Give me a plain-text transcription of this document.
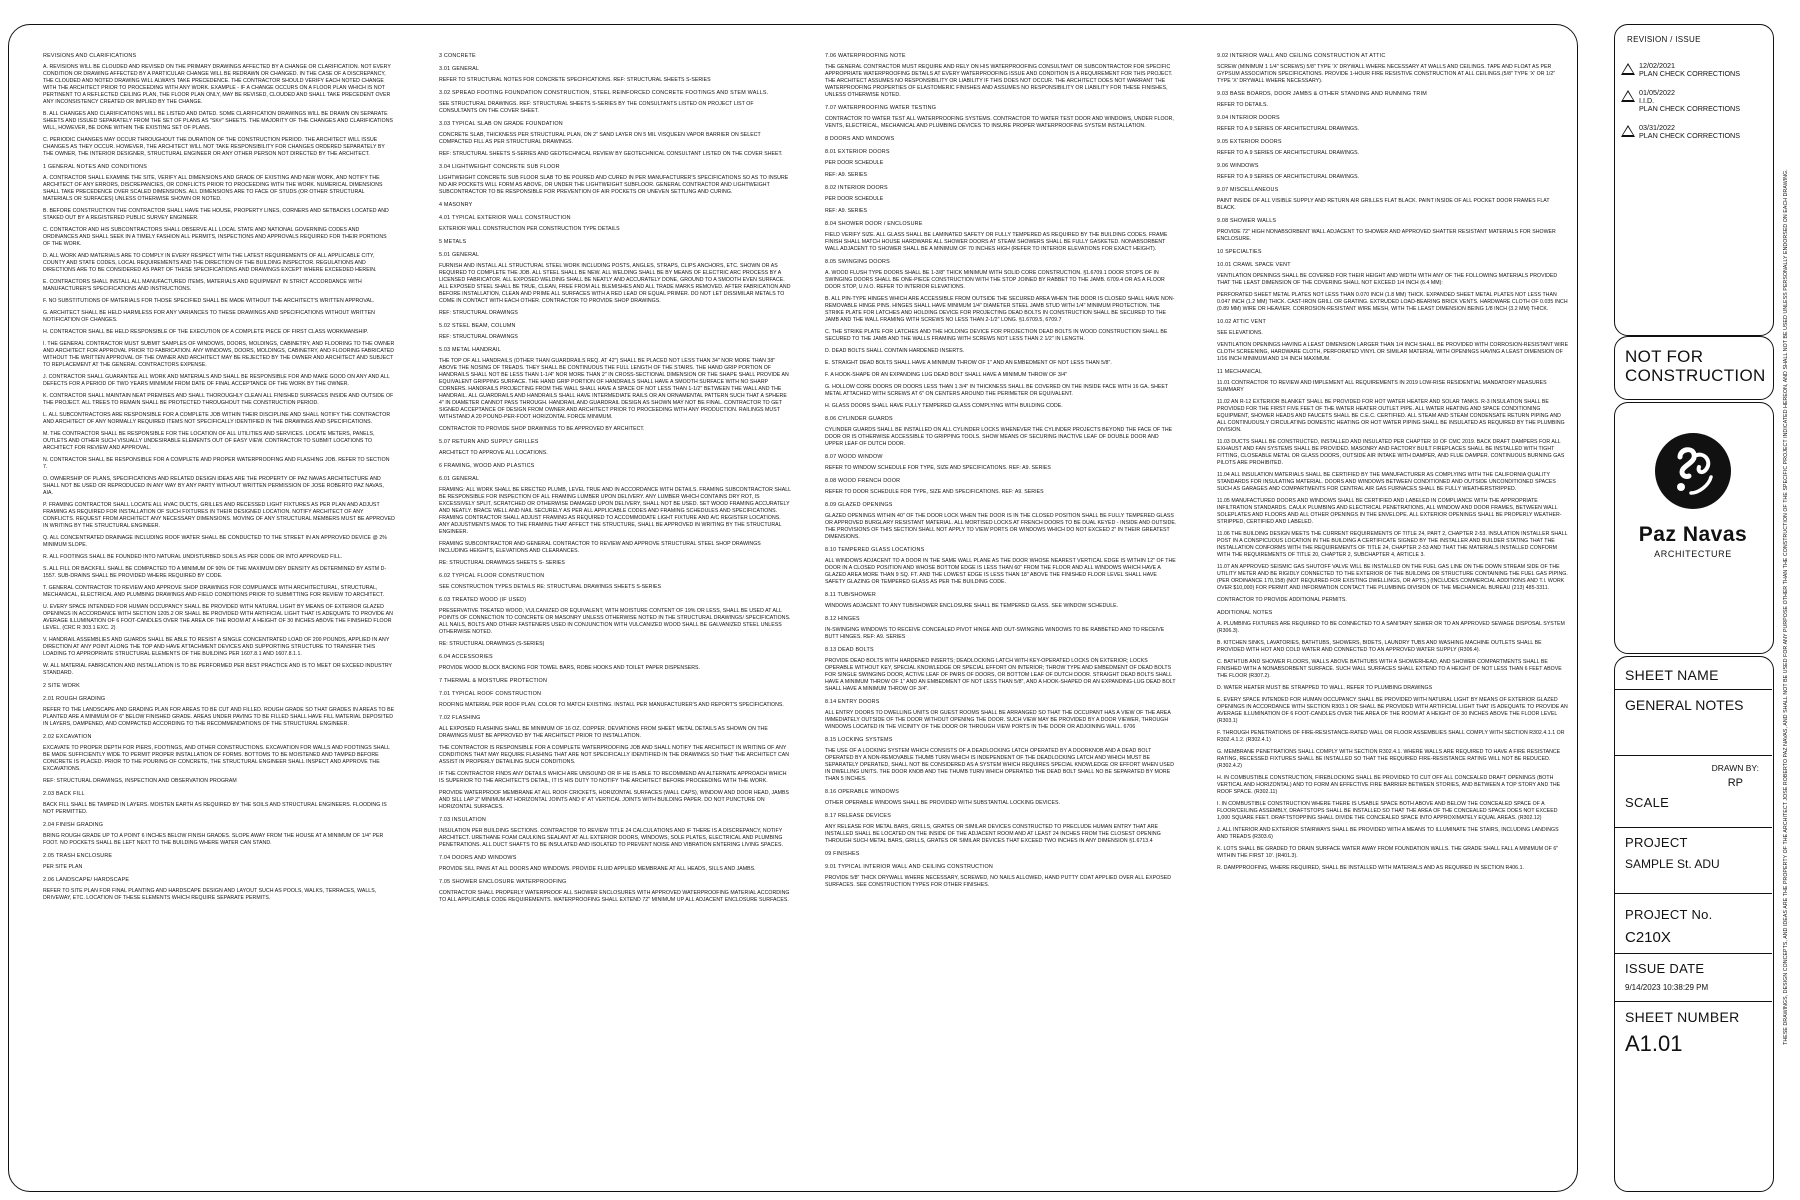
REVISIONS AND CLARIFICATIONS

A. REVISIONS WILL BE CLOUDED AND REVISED ON THE PRIMARY DRAWINGS AFFECTED BY A CHANGE OR CLARIFICATION. NOT EVERY CONDITION OR DRAWING AFFECTED BY A PARTICULAR CHANGE WILL BE REDRAWN OR CHANGED. IN THE CASE OF A DISCREPANCY, THE CLOUDED AND NOTED DRAWING WILL ALWAYS TAKE PRECEDENCE. THE CONTRACTOR SHOULD VERIFY EACH NOTED CHANGE WITH THE ARCHITECT PRIOR TO PROCEEDING WITH ANY WORK. EXAMPLE - IF A CHANGE OCCURS ON A FLOOR PLAN WHICH IS NOT PERTINENT TO A REFLECTED CEILING PLAN, THE FLOOR PLAN ONLY, MAY BE REVISED, CLOUDED AND SHALL TAKE PRECEDENT OVER ANY INCONSISTENCY CREATED OR IMPLIED BY THE CHANGE.

B. ALL CHANGES AND CLARIFICATIONS WILL BE LISTED AND DATED. SOME CLARIFICATION DRAWINGS WILL BE DRAWN ON SEPARATE SHEETS AND ISSUED SEPARATELY FROM THE SET OF PLANS AS "SK#" SHEETS. THE MAJORITY OF THE CHANGES AND CLARIFICATIONS WILL, HOWEVER, BE DONE WITHIN THE EXISTING SET OF PLANS.

C. PERIODIC CHANGES MAY OCCUR THROUGHOUT THE DURATION OF THE CONSTRUCTION PERIOD. THE ARCHITECT WILL ISSUE CHANGES AS THEY OCCUR. HOWEVER, THE ARCHITECT WILL NOT TAKE RESPONSIBILITY FOR CHANGES ORDERED SEPARATELY BY THE OWNER, THE INTERIOR DESIGNER, STRUCTURAL ENGINEER OR ANY OTHER PERSON NOT DIRECTED BY THE ARCHITECT.

1 GENERAL NOTES AND CONDITIONS

A. CONTRACTOR SHALL EXAMINE THE SITE, VERIFY ALL DIMENSIONS AND GRADE OF EXISTING AND NEW WORK, AND NOTIFY THE ARCHITECT OF ANY ERRORS, DISCREPANCIES, OR CONFLICTS PRIOR TO PROCEEDING WITH THE WORK. NUMERICAL DIMENSIONS SHALL TAKE PRECEDENCE OVER SCALED DIMENSIONS. ALL DIMENSIONS ARE TO FACE OF STUDS (OR OTHER STRUCTURAL MATERIALS OR SURFACES) UNLESS OTHERWISE SHOWN OR NOTED.

B. BEFORE CONSTRUCTION THE CONTRACTOR SHALL HAVE THE HOUSE, PROPERTY LINES, CORNERS AND SETBACKS LOCATED AND STAKED OUT BY A REGISTERED PUBLIC SURVEY ENGINEER.

C. CONTRACTOR AND HIS SUBCONTRACTORS SHALL OBSERVE ALL LOCAL STATE AND NATIONAL GOVERNING CODES AND ORDINANCES AND SHALL SEEK IN A TIMELY FASHION ALL PERMITS, INSPECTIONS AND APPROVALS REQUIRED FOR THEIR PORTIONS OF THE WORK.

D. ALL WORK AND MATERIALS ARE TO COMPLY IN EVERY RESPECT WITH THE LATEST REQUIREMENTS OF ALL APPLICABLE CITY, COUNTY AND STATE CODES, LOCAL REQUIREMENTS AND THE DIRECTION OF THE BUILDING INSPECTOR. REGULATIONS AND DIRECTIONS ARE TO BE CONSIDERED AS PART OF THESE SPECIFICATIONS AND DRAWINGS EXCEPT WHERE EXCEEDED HEREIN.

E. CONTRACTORS SHALL INSTALL ALL MANUFACTURED ITEMS, MATERIALS AND EQUIPMENT IN STRICT ACCORDANCE WITH MANUFACTURER'S SPECIFICATIONS AND INSTRUCTIONS.

F. NO SUBSTITUTIONS OF MATERIALS FOR THOSE SPECIFIED SHALL BE MADE WITHOUT THE ARCHITECT'S WRITTEN APPROVAL.

G. ARCHITECT SHALL BE HELD HARMLESS FOR ANY VARIANCES TO THESE DRAWINGS AND SPECIFICATIONS WITHOUT WRITTEN NOTIFICATION OF CHANGES.

H. CONTRACTOR SHALL BE HELD RESPONSIBLE OF THE EXECUTION OF A COMPLETE PIECE OF FIRST CLASS WORKMANSHIP.

I. THE GENERAL CONTRACTOR MUST SUBMIT SAMPLES OF WINDOWS, DOORS, MOLDINGS, CABINETRY, AND FLOORING TO THE OWNER AND ARCHITECT FOR APPROVAL PRIOR TO FABRICATION. ANY WINDOWS, DOORS, MOLDINGS, CABINETRY, AND FLOORING FABRICATED WITHOUT THE WRITTEN APPROVAL OF THE OWNER AND ARCHITECT MAY BE REJECTED BY THE OWNER AND ARCHITECT AND SUBJECT TO REPLACEMENT AT THE GENERAL CONTRACTORS EXPENSE.

J. CONTRACTOR SHALL GUARANTEE ALL WORK AND MATERIALS AND SHALL BE RESPONSIBLE FOR AND MAKE GOOD ON ANY AND ALL DEFECTS FOR A PERIOD OF TWO YEARS MINIMUM FROM DATE OF FINAL ACCEPTANCE OF THE WORK BY THE OWNER.

K. CONTRACTOR SHALL MAINTAIN NEAT PREMISES AND SHALL THOROUGHLY CLEAN ALL FINISHED SURFACES INSIDE AND OUTSIDE OF THE PROJECT. ALL TREES TO REMAIN SHALL BE PROTECTED THROUGHOUT THE CONSTRUCTION PERIOD.

L. ALL SUBCONTRACTORS ARE RESPONSIBLE FOR A COMPLETE JOB WITHIN THEIR DISCIPLINE AND SHALL NOTIFY THE CONTRACTOR AND ARCHITECT OF ANY NORMALLY REQUIRED ITEMS NOT SPECIFICALLY IDENTIFIED IN THE DRAWINGS AND SPECIFICATIONS.

M. THE CONTRACTOR SHALL BE RESPONSIBLE FOR THE LOCATION OF ALL UTILITIES AND SERVICES. LOCATE METERS, PANELS, OUTLETS AND OTHER SUCH VISUALLY UNDESIRABLE ELEMENTS OUT OF EASY VIEW. CONTRACTOR TO SUBMIT LOCATIONS TO ARCHITECT FOR REVIEW AND APPROVAL.

N. CONTRACTOR SHALL BE RESPONSIBLE FOR A COMPLETE AND PROPER WATERPROOFING AND FLASHING JOB. REFER TO SECTION 7.

O. OWNERSHIP OF PLANS, SPECIFICATIONS AND RELATED DESIGN IDEAS ARE THE PROPERTY OF PAZ NAVAS ARCHITECTURE AND SHALL NOT BE USED OR REPRODUCED IN ANY WAY BY ANY PARTY WITHOUT WRITTEN PERMISSION OF JOSE ROBERTO PAZ NAVAS, AIA.

P. FRAMING CONTRACTOR SHALL LOCATE ALL HVAC DUCTS, GRILLES AND RECESSED LIGHT FIXTURES AS PER PLAN AND ADJUST FRAMING AS REQUIRED FOR INSTALLATION OF SUCH FIXTURES IN THEIR DESIGNED LOCATION. NOTIFY ARCHITECT OF ANY CONFLICTS. REQUEST FROM ARCHITECT ANY NECESSARY DIMENSIONS. MOVING OF ANY STRUCTURAL MEMBERS MUST BE APPROVED IN WRITING BY THE STRUCTURAL ENGINEER.

Q. ALL CONCENTRATED DRAINAGE INCLUDING ROOF WATER SHALL BE CONDUCTED TO THE STREET IN AN APPROVED DEVICE @ 2% MINIMUM SLOPE.

R. ALL FOOTINGS SHALL BE FOUNDED INTO NATURAL UNDISTURBED SOILS AS PER CODE OR INTO APPROVED FILL.

S. ALL FILL OR BACKFILL SHALL BE COMPACTED TO A MINIMUM OF 90% OF THE MAXIMUM DRY DENSITY AS DETERMINED BY ASTM D-1557. SUB-DRAINS SHALL BE PROVIDED WHERE REQUIRED BY CODE.

T. GENERAL CONTRACTOR TO REVIEW AND APPROVE SHOP DRAWINGS FOR COMPLIANCE WITH ARCHITECTURAL, STRUCTURAL, MECHANICAL, ELECTRICAL AND PLUMBING DRAWINGS AND FIELD CONDITIONS PRIOR TO SUBMITTING FOR REVIEW TO ARCHITECT.

U. EVERY SPACE INTENDED FOR HUMAN OCCUPANCY SHALL BE PROVIDED WITH NATURAL LIGHT BY MEANS OF EXTERIOR GLAZED OPENINGS IN ACCORDANCE WITH SECTION 1205.2 OR SHALL BE PROVIDED WITH ARTIFICIAL LIGHT THAT IS ADEQUATE TO PROVIDE AN AVERAGE ILLUMINATION OF 6 FOOT-CANDLES OVER THE AREA OF THE ROOM AT A HEIGHT OF 30 INCHES ABOVE THE FINISHED FLOOR LEVEL. (CRC R 303.1 EXC. 2)

V. HANDRAIL ASSEMBLIES AND GUARDS SHALL BE ABLE TO RESIST A SINGLE CONCENTRATED LOAD OF 200 POUNDS, APPLIED IN ANY DIRECTION AT ANY POINT ALONG THE TOP AND HAVE ATTACHMENT DEVICES AND SUPPORTING STRUCTURE TO TRANSFER THIS LOADING TO APPROPRIATE STRUCTURAL ELEMENTS OF THE BUILDING PER 1607.8.1 AND 1607.8.1.1.

W. ALL MATERIAL FABRICATION AND INSTALLATION IS TO BE PERFORMED PER BEST PRACTICE AND IS TO MEET OR EXCEED INDUSTRY STANDARD.

2 SITE WORK
2.01 ROUGH GRADING

REFER TO THE LANDSCAPE AND GRADING PLAN FOR AREAS TO BE CUT AND FILLED. ROUGH GRADE SO THAT GRADES IN AREAS TO BE PLANTED ARE A MINIMUM OF 6" BELOW FINISHED GRADE. AREAS UNDER PAVING TO BE FILLED SHALL HAVE FILL MATERIAL DEPOSITED IN LAYERS, DAMPENED, AND COMPACTED ACCORDING TO THE RECOMMENDATIONS OF THE STRUCTURAL ENGINEER.

2.02 EXCAVATION

EXCAVATE TO PROPER DEPTH FOR PIERS, FOOTINGS, AND OTHER CONSTRUCTIONS. EXCAVATION FOR WALLS AND FOOTINGS SHALL BE MADE SUFFICIENTLY WIDE TO PERMIT PROPER INSTALLATION OF FORMS. BOTTOMS TO BE MOISTENED AND TAMPED BEFORE CONCRETE IS PLACED. PRIOR TO THE POURING OF CONCRETE, THE STRUCTURAL ENGINEER SHALL INSPECT AND APPROVE THE EXCAVATIONS.

REF: STRUCTURAL DRAWINGS, INSPECTION AND OBSERVATION PROGRAM

2.03 BACK FILL

BACK FILL SHALL BE TAMPED IN LAYERS. MOISTEN EARTH AS REQUIRED BY THE SOILS AND STRUCTURAL ENGINEERS. FLOODING IS NOT PERMITTED.

2.04 FINISH GRADING

BRING ROUGH GRADE UP TO A POINT 6 INCHES BELOW FINISH GRADES. SLOPE AWAY FROM THE HOUSE AT A MINIMUM OF 1/4" PER FOOT. NO POCKETS SHALL BE LEFT NEXT TO THE BUILDING WHERE WATER CAN STAND.

2.05 TRASH ENCLOSURE

PER SITE PLAN

2.06 LANDSCAPE/ HARDSCAPE

REFER TO SITE PLAN FOR FINAL PLANTING AND HARDSCAPE DESIGN AND LAYOUT SUCH AS POOLS, WALKS, TERRACES, WALLS, DRIVEWAY, ETC. LOCATION OF THESE ELEMENTS WHICH REQUIRE SEPARATE PERMITS.

3 CONCRETE
3.01 GENERAL

REFER TO STRUCTURAL NOTES FOR CONCRETE SPECIFICATIONS. REF: STRUCTURAL SHEETS S-SERIES

3.02 SPREAD FOOTING FOUNDATION CONSTRUCTION, STEEL REINFORCED CONCRETE FOOTINGS AND STEM WALLS.

SEE STRUCTURAL DRAWINGS. REF: STRUCTURAL SHEETS S-SERIES BY THE CONSULTANTS LISTED ON PROJECT LIST OF CONSULTANTS ON THE COVER SHEET.

3.03 TYPICAL SLAB ON GRADE FOUNDATION

CONCRETE SLAB, THICKNESS PER STRUCTURAL PLAN, ON 2" SAND LAYER ON 5 MIL VISQUEEN VAPOR BARRIER ON SELECT COMPACTED FILL AS PER STRUCTURAL DRAWINGS.

REF: STRUCTURAL SHEETS S-SERIES AND GEOTECHNICAL REVIEW BY GEOTECHNICAL CONSULTANT LISTED ON THE COVER SHEET.

3.04 LIGHTWEIGHT CONCRETE SUB FLOOR

LIGHTWEIGHT CONCRETE SUB FLOOR SLAB TO BE POURED AND CURED IN PER MANUFACTURER'S SPECIFICATIONS SO AS TO INSURE NO AIR POCKETS WILL FORM AS ABOVE, OR UNDER THE LIGHTWEIGHT SUBFLOOR. GENERAL CONTRACTOR AND LIGHTWEIGHT SUBCONTRACTOR TO BE RESPONSIBLE FOR PREVENTION OF AIR POCKETS OR UNEVEN SETTLING AND CURING.

4 MASONRY
4.01 TYPICAL EXTERIOR WALL CONSTRUCTION

EXTERIOR WALL CONSTRUCTION PER CONSTRUCTION TYPE DETAILS

5 METALS
5.01 GENERAL

FURNISH AND INSTALL ALL STRUCTURAL STEEL WORK INCLUDING POSTS, ANGLES, STRAPS, CLIPS ANCHORS, ETC. SHOWN OR AS REQUIRED TO COMPLETE THE JOB. ALL STEEL SHALL BE NEW. ALL WELDING SHALL BE BY MEANS OF ELECTRIC ARC PROCESS BY A LICENSED FABRICATOR. ALL EXPOSED WELDING SHALL BE NEATLY AND ACCURATELY DONE, GROUND TO A SMOOTH EVEN SURFACE. ALL EXPOSED STEEL SHALL BE TRUE, CLEAN, FREE FROM ALL BLEMISHES AND ALL TRADE MARKS REMOVED. AFTER FABRICATION AND BEFORE INSTALLATION, CLEAN AND PRIME ALL SURFACES WITH A RED LEAD OR EQUAL PRIMER. DO NOT LET DISSIMILAR METALS TO COME IN CONTACT WITH EACH OTHER. CONTRACTOR TO PROVIDE SHOP DRAWINGS.

REF: STRUCTURAL DRAWINGS

5.02 STEEL BEAM, COLUMN

REF: STRUCTURAL DRAWINGS

5.03 METAL HANDRAIL

THE TOP OF ALL HANDRAILS (OTHER THAN GUARDRAILS REQ. AT 42") SHALL BE PLACED NOT LESS THAN 34" NOR MORE THAN 38" ABOVE THE NOSING OF TREADS. THEY SHALL BE CONTINUOUS THE FULL LENGTH OF THE STAIRS. THE HAND GRIP PORTION OF HANDRAILS SHALL NOT BE LESS THAN 1-1/4" NOR MORE THAN 2" IN CROSS-SECTIONAL DIMENSION OR THE SHAPE SHALL PROVIDE AN EQUIVALENT GRIPPING SURFACE. THE HAND GRIP PORTION OF HANDRAILS SHALL HAVE A SMOOTH SURFACE WITH NO SHARP CORNERS. HANDRAILS PROJECTING FROM THE WALL SHALL HAVE A SPACE OF NOT LESS THAN 1-1/2" BETWEEN THE WALL AND THE HANDRAIL. ALL GUARDRAILS AND HANDRAILS SHALL HAVE INTERMEDIATE RAILS OR AN ORNAMENTAL PATTERN SUCH THAT A SPHERE 4" IN DIAMETER CANNOT PASS THROUGH. HANDRAIL AND GUARDRAIL DESIGN AS SHOWN MAY NOT BE FINAL. CONTRACTOR TO GET SIGNED ACCEPTANCE OF DESIGN FROM OWNER AND ARCHITECT PRIOR TO PROCEEDING WITH ANY PRODUCTION. RAILINGS MUST WITHSTAND A 20 POUND-PER-FOOT HORIZONTAL FORCE MINIMUM.

CONTRACTOR TO PROVIDE SHOP DRAWINGS TO BE APPROVED BY ARCHITECT.

5.07 RETURN AND SUPPLY GRILLES

ARCHITECT TO APPROVE ALL LOCATIONS.

6 FRAMING, WOOD AND PLASTICS
6.01 GENERAL

FRAMING: ALL WORK SHALL BE ERECTED PLUMB, LEVEL TRUE AND IN ACCORDANCE WITH DETAILS. FRAMING SUBCONTRACTOR SHALL BE RESPONSIBLE FOR INSPECTION OF ALL FRAMING LUMBER UPON DELIVERY. ANY LUMBER WHICH CONTAINS DRY ROT, IS EXCESSIVELY SPLIT, SCRATCHED OR OTHERWISE DAMAGED UPON DELIVERY, SHALL NOT BE USED. SET WOOD FRAMING ACCURATELY AND NEATLY. BRACE WELL AND NAIL SECURELY AS PER ALL APPLICABLE CODES AND FRAMING SCHEDULES AND SPECIFICATIONS. FRAMING CONTRACTOR SHALL ADJUST FRAMING AS REQUIRED TO ACCOMMODATE LIGHT FIXTURE AND A/C REGISTER LOCATIONS. ANY ADJUSTMENTS MADE TO THE FRAMING THAT AFFECT THE STRUCTURE, SHALL BE APPROVED IN WRITING BY THE STRUCTURAL ENGINEER.

FRAMING SUBCONTRACTOR AND GENERAL CONTRACTOR TO REVIEW AND APPROVE STRUCTURAL STEEL SHOP DRAWINGS INCLUDING HEIGHTS, ELEVATIONS AND CLEARANCES.

RE: STRUCTURAL DRAWINGS SHEETS S- SERIES

6.02 TYPICAL FLOOR CONSTRUCTION

SEE CONSTRUCTION TYPES DETAILS RE: STRUCTURAL DRAWINGS SHEETS S-SERIES

6.03 TREATED WOOD (IF USED)

PRESERVATIVE TREATED WOOD, VULCANIZED OR EQUIVALENT, WITH MOISTURE CONTENT OF 19% OR LESS, SHALL BE USED AT ALL POINTS OF CONNECTION TO CONCRETE OR MASONRY UNLESS OTHERWISE NOTED IN THE STRUCTURAL DRAWINGS/ SPECIFICATIONS. ALL NAILS, BOLTS AND OTHER FASTENERS USED IN CONJUNCTION WITH VULCANIZED WOOD SHALL BE GALVANIZED STEEL UNLESS OTHERWISE NOTED.

RE: STRUCTURAL DRAWINGS (S-SERIES)

6.04 ACCESSORIES

PROVIDE WOOD BLOCK BACKING FOR TOWEL BARS, ROBE HOOKS AND TOILET PAPER DISPENSERS.

7 THERMAL & MOISTURE PROTECTION
7.01 TYPICAL ROOF CONSTRUCTION

ROOFING MATERIAL PER ROOF PLAN. COLOR TO MATCH EXISTING. INSTALL PER MANUFACTURER'S AND REPORT'S SPECIFICATIONS.

7.02 FLASHING

ALL EXPOSED FLASHING SHALL BE MINIMUM OF 16 OZ. COPPER. DEVIATIONS FROM SHEET METAL DETAILS AS SHOWN ON THE DRAWINGS MUST BE APPROVED BY THE ARCHITECT PRIOR TO INSTALLATION.

THE CONTRACTOR IS RESPONSIBLE FOR A COMPLETE WATERPROOFING JOB AND SHALL NOTIFY THE ARCHITECT IN WRITING OF ANY CONDITIONS THAT MAY REQUIRE FLASHING THAT ARE NOT SPECIFICALLY IDENTIFIED IN THE DRAWINGS SO THAT THE ARCHITECT CAN ASSIST IN PROPERLY DETAILING SUCH CONDITIONS.

IF THE CONTRACTOR FINDS ANY DETAILS WHICH ARE UNSOUND OR IF HE IS ABLE TO RECOMMEND AN ALTERNATE APPROACH WHICH IS SUPERIOR TO THE ARCHITECT'S DETAIL, IT IS HIS DUTY TO NOTIFY THE ARCHITECT BEFORE PROCEEDING WITH THE WORK.

PROVIDE WATERPROOF MEMBRANE AT ALL ROOF CRICKETS, HORIZONTAL SURFACES (WALL CAPS), WINDOW AND DOOR HEAD, JAMBS AND SILL LAP 2" MINIMUM AT HORIZONTAL JOINTS AND 6" AT VERTICAL JOINTS WITH BUILDING PAPER. DO NOT PUNCTURE ON HORIZONTAL SURFACES.

7.03 INSULATION

INSULATION PER BUILDING SECTIONS. CONTRACTOR TO REVIEW TITLE 24 CALCULATIONS AND IF THERE IS A DISCREPANCY, NOTIFY ARCHITECT. URETHANE FOAM CAULKING SEALANT AT ALL EXTERIOR DOORS, WINDOWS, SOLE PLATES, ELECTRICAL AND PLUMBING PENETRATIONS. ALL DUCT SHAFTS TO BE INSULATED AND ISOLATED TO PREVENT NOISE AND VIBRATION ENTERING LIVING SPACES.

7.04 DOORS AND WINDOWS

PROVIDE SILL PANS AT ALL DOORS AND WINDOWS. PROVIDE FLUID APPLIED MEMBRANE AT ALL HEADS, SILLS AND JAMBS.

7.05 SHOWER ENCLOSURE WATERPROOFING

CONTRACTOR SHALL PROPERLY WATERPROOF ALL SHOWER ENCLOSURES WITH APPROVED WATERPROOFING MATERIAL ACCORDING TO ALL APPLICABLE CODE REQUIREMENTS. WATERPROOFING SHALL EXTEND 72" MINIMUM UP ALL ADJACENT ENCLOSURE SURFACES.

7.06 WATERPROOFING NOTE

THE GENERAL CONTRACTOR MUST REQUIRE AND RELY ON HIS WATERPROOFING CONSULTANT OR SUBCONTRACTOR FOR SPECIFIC APPROPRIATE WATERPROOFING DETAILS AT EVERY WATERPROOFING ISSUE AND CONDITION IS A REQUIREMENT FOR THIS PROJECT. THE ARCHITECT ASSUMES NO RESPONSIBILITY OR LIABILITY IF THIS DOES NOT OCCUR. THE ARCHITECT DOES NOT WARRANT THE WATERPROOFING PROPERTIES OF ELASTOMERIC FINISHES AND ASSUMES NO RESPONSIBILITY OR LIABILITY FOR THESE FINISHES, UNLESS OTHERWISE NOTED.

7.07 WATERPROOFING WATER TESTING

CONTRACTOR TO WATER TEST ALL WATERPROOFING SYSTEMS. CONTRACTOR TO WATER TEST DOOR AND WINDOWS, UNDER FLOOR, VENTS, ELECTRICAL, MECHANICAL AND PLUMBING DEVICES TO INSURE PROPER WATERPROOFING SYSTEM INSTALLATION.

8 DOORS AND WINDOWS
8.01 EXTERIOR DOORS

PER DOOR SCHEDULE

REF: A9. SERIES

8.02 INTERIOR DOORS

PER DOOR SCHEDULE

REF: A9. SERIES

8.04 SHOWER DOOR / ENCLOSURE

FIELD VERIFY SIZE. ALL GLASS SHALL BE LAMINATED SAFETY OR FULLY TEMPERED AS REQUIRED BY THE BUILDING CODES. FRAME FINISH SHALL MATCH HOUSE HARDWARE ALL SHOWER DOORS AT STEAM SHOWERS SHALL BE FULLY GASKETED. NONABSORBENT WALL ADJACENT TO SHOWER SHALL BE A MINIMUM OF 70 INCHES HIGH (REFER TO INTERIOR ELEVATIONS FOR EXACT HEIGHT).

8.05 SWINGING DOORS

A. WOOD FLUSH TYPE DOORS SHALL BE 1-3/8" THICK MINIMUM WITH SOLID CORE CONSTRUCTION. §1.6709.1 DOOR STOPS OF IN SWINGING DOORS SHALL BE ONE-PIECE CONSTRUCTION WITH THE STOP JOINED BY RABBET TO THE JAMB. 6709.4 OR AS A FLOOR DOOR STOP, U.N.O. REFER TO INTERIOR ELEVATIONS.

B. ALL PIN-TYPE HINGES WHICH ARE ACCESSIBLE FROM OUTSIDE THE SECURED AREA WHEN THE DOOR IS CLOSED SHALL HAVE NON-REMOVABLE HINGE PINS. HINGES SHALL HAVE MINIMUM 1/4" DIAMETER STEEL JAMB STUD WITH 1/4" MINIMUM PROTECTION. THE STRIKE PLATE FOR LATCHES AND HOLDING DEVICE FOR PROJECTING DEAD BOLTS IN CONSTRUCTION SHALL BE SECURED TO THE JAMB AND THE WALL FRAMING WITH SCREWS NO LESS THAN 2-1/2" LONG. §1.6709.5, 6709.7

C. THE STRIKE PLATE FOR LATCHES AND THE HOLDING DEVICE FOR PROJECTION DEAD BOLTS IN WOOD CONSTRUCTION SHALL BE SECURED TO THE JAMB AND THE WALLS FRAMING WITH SCREWS NOT LESS THAN 2 1/2" IN LENGTH.

D. DEAD BOLTS SHALL CONTAIN HARDENED INSERTS.

E. STRAIGHT DEAD BOLTS SHALL HAVE A MINIMUM THROW OF 1" AND AN EMBEDMENT OF NOT LESS THAN 5/8".

F. A HOOK-SHAPE OR AN EXPANDING LUG DEAD BOLT SHALL HAVE A MINIMUM THROW OF 3/4"

G. HOLLOW CORE DOORS OR DOORS LESS THAN 1 3/4" IN THICKNESS SHALL BE COVERED ON THE INSIDE FACE WITH 16 GA. SHEET METAL ATTACHED WITH SCREWS AT 6" ON CENTERS AROUND THE PERIMETER OR EQUIVALENT.

H. GLASS DOORS SHALL HAVE FULLY TEMPERED GLASS COMPLYING WITH BUILDING CODE.

8.06 CYLINDER GUARDS

CYLINDER GUARDS SHALL BE INSTALLED ON ALL CYLINDER LOCKS WHENEVER THE CYLINDER PROJECTS BEYOND THE FACE OF THE DOOR OR IS OTHERWISE ACCESSIBLE TO GRIPPING TOOLS. SHOW MEANS OF SECURING INACTIVE LEAF OF DOUBLE DOOR AND UPPER LEAF OF DUTCH DOOR.

8.07 WOOD WINDOW

REFER TO WINDOW SCHEDULE FOR TYPE, SIZE AND SPECIFICATIONS. REF: A9. SERIES

8.08 WOOD FRENCH DOOR

REFER TO DOOR SCHEDULE FOR TYPE, SIZE AND SPECIFICATIONS. REF: A9. SERIES

8.09 GLAZED OPENINGS

GLAZED OPENINGS WITHIN 40" OF THE DOOR LOCK WHEN THE DOOR IS IN THE CLOSED POSITION SHALL BE FULLY TEMPERED GLASS OR APPROVED BURGLARY RESISTANT MATERIAL. ALL MORTISED LOCKS AT FRENCH DOORS TO BE DUAL KEYED - INSIDE AND OUTSIDE. THE PROVISIONS OF THIS SECTION SHALL NOT APPLY TO VIEW PORTS OR WINDOWS WHICH DO NOT EXCEED 2" IN THEIR GREATEST DIMENSIONS.

8.10 TEMPERED GLASS LOCATIONS

ALL WINDOWS ADJACENT TO A DOOR IN THE SAME WALL PLANE AS THE DOOR WHOSE NEAREST VERTICAL EDGE IS WITHIN 12" OF THE DOOR IN A CLOSED POSITION AND WHOSE BOTTOM EDGE IS LESS THAN 60" FROM THE FLOOR AND ALL WINDOWS WHICH HAVE A GLAZED AREA MORE THAN 9 SQ. FT. AND THE LOWEST EDGE IS LESS THAN 18" ABOVE THE FINISHED FLOOR LEVEL SHALL HAVE SAFETY GLAZING OR TEMPERED GLASS AS PER THE BUILDING CODE.

8.11 TUB/SHOWER

WINDOWS ADJACENT TO ANY TUB/SHOWER ENCLOSURE SHALL BE TEMPERED GLASS. SEE WINDOW SCHEDULE.

8.12 HINGES

IN-SWINGING WINDOWS TO RECEIVE CONCEALED PIVOT HINGE AND OUT-SWINGING WINDOWS TO BE RABBETED AND TO RECEIVE BUTT HINGES. REF: A9. SERIES

8.13 DEAD BOLTS

PROVIDE DEAD BOLTS WITH HARDENED INSERTS; DEADLOCKING LATCH WITH KEY-OPERATED LOCKS ON EXTERIOR; LOCKS OPERABLE WITHOUT KEY, SPECIAL KNOWLEDGE OR SPECIAL EFFORT ON INTERIOR; THROW TYPE AND EMBEDMENT OF DEAD BOLTS FOR SINGLE SWINGING DOOR, ACTIVE LEAF OF PAIRS OF DOORS, OR BOTTOM LEAF OF DUTCH DOOR. STRAIGHT DEAD BOLTS SHALL HAVE A MINIMUM THROW OF 1" AND AN EMBEDMENT OF NOT LESS THAN 5/8", AND A HOOK-SHAPED OR AN EXPANDING-LUG DEAD BOLT SHALL HAVE A MINIMUM THROW OF 3/4".

8.14 ENTRY DOORS

ALL ENTRY DOORS TO DWELLING UNITS OR GUEST ROOMS SHALL BE ARRANGED SO THAT THE OCCUPANT HAS A VIEW OF THE AREA IMMEDIATELY OUTSIDE OF THE DOOR WITHOUT OPENING THE DOOR. SUCH VIEW MAY BE PROVIDED BY A DOOR VIEWER, THROUGH WINDOWS LOCATED IN THE VICINITY OF THE DOOR OR THROUGH VIEW PORTS IN THE DOOR OR ADJOINING WALL. 6706

8.15 LOCKING SYSTEMS

THE USE OF A LOCKING SYSTEM WHICH CONSISTS OF A DEADLOCKING LATCH OPERATED BY A DOORKNOB AND A DEAD BOLT OPERATED BY A NON-REMOVABLE THUMB TURN WHICH IS INDEPENDENT OF THE DEADLOCKING LATCH AND WHICH MUST BE SEPARATELY OPERATED, SHALL NOT BE CONSIDERED AS A SYSTEM WHICH REQUIRES SPECIAL KNOWLEDGE OR EFFORT WHEN USED IN DWELLING UNITS. THE DOOR KNOB AND THE THUMB TURN WHICH OPERATED THE DEAD BOLT SHALL NO BE SEPARATED BY MORE THAN 5 INCHES.

8.16 OPERABLE WINDOWS

OTHER OPERABLE WINDOWS SHALL BE PROVIDED WITH SUBSTANTIAL LOCKING DEVICES.

8.17 RELEASE DEVICES

ANY RELEASE FOR METAL BARS, GRILLS, GRATES OR SIMILAR DEVICES CONSTRUCTED TO PRECLUDE HUMAN ENTRY THAT ARE INSTALLED SHALL BE LOCATED ON THE INSIDE OF THE ADJACENT ROOM AND AT LEAST 24 INCHES FROM THE CLOSEST OPENING THROUGH SUCH METAL BARS, GRILLS, GRATES OR SIMILAR DEVICES THAT EXCEED TWO INCHES IN ANY DIMENSION §1.6713.4

09 FINISHES
9.01 TYPICAL INTERIOR WALL AND CEILING CONSTRUCTION

PROVIDE 5/8" THICK DRYWALL WHERE NECESSARY, SCREWED, NO NAILS ALLOWED, HAND PUTTY COAT APPLIED OVER ALL EXPOSED SURFACES. SEE CONSTRUCTION TYPES FOR OTHER FINISHES.

9.02 INTERIOR WALL AND CEILING CONSTRUCTION AT ATTIC

SCREW (MINIMUM 1 1/4" SCREWS) 5/8" TYPE 'X' DRYWALL WHERE NECESSARY AT WALLS AND CEILINGS. TAPE AND FLOAT AS PER GYPSUM ASSOCIATION SPECIFICATIONS. PROVIDE 1-HOUR FIRE RESISTIVE CONSTRUCTION AT ALL CEILINGS.(5/8" TYPE 'X' OR 1/2" TYPE 'X' DRYWALL WHERE NECESSARY).

9.03 BASE BOARDS, DOOR JAMBS & OTHER STANDING AND RUNNING TRIM

REFER TO DETAILS.

9.04 INTERIOR DOORS

REFER TO A.9 SERIES OF ARCHITECTURAL DRAWINGS.

9.05 EXTERIOR DOORS

REFER TO A.9 SERIES OF ARCHITECTURAL DRAWINGS.

9.06 WINDOWS

REFER TO A.9 SERIES OF ARCHITECTURAL DRAWINGS.

9.07 MISCELLANEOUS

PAINT INSIDE OF ALL VISIBLE SUPPLY AND RETURN AIR GRILLES FLAT BLACK. PAINT INSIDE OF ALL POCKET DOOR FRAMES FLAT BLACK.

9.08 SHOWER WALLS

PROVIDE 72" HIGH NONABSORBENT WALL ADJACENT TO SHOWER AND APPROVED SHATTER RESISTANT MATERIALS FOR SHOWER ENCLOSURE.

10 SPECIALTIES
10.01 CRAWL SPACE VENT

VENTILATION OPENINGS SHALL BE COVERED FOR THEIR HEIGHT AND WIDTH WITH ANY OF THE FOLLOWING MATERIALS PROVIDED THAT THE LEAST DIMENSION OF THE COVERING SHALL NOT EXCEED 1/4 INCH (6.4 MM):

PERFORATED SHEET METAL PLATES NOT LESS THAN 0.070 INCH (1.8 MM) THICK. EXPANDED SHEET METAL PLATES NOT LESS THAN 0.047 INCH (1.2 MM) THICK. CAST-IRON GRILL OR GRATING. EXTRUDED LOAD-BEARING BRICK VENTS. HARDWARE CLOTH OF 0.035 INCH (0.89 MM) WIRE OR HEAVIER. CORROSION-RESISTANT WIRE MESH, WITH THE LEAST DIMENSION BEING 1/8 INCH (3.2 MM) THICK.

10.02 ATTIC VENT

SEE ELEVATIONS.

VENTILATION OPENINGS HAVING A LEAST DIMENSION LARGER THAN 1/4 INCH SHALL BE PROVIDED WITH CORROSION-RESISTANT WIRE CLOTH SCREENING, HARDWARE CLOTH, PERFORATED VINYL OR SIMILAR MATERIAL WITH OPENINGS HAVING A LEAST DIMENSION OF 1/16 INCH MINIMUM AND 1/4 INCH MAXIMUM.

11 MECHANICAL

11.01 CONTRACTOR TO REVIEW AND IMPLEMENT ALL REQUIREMENTS IN 2019 LOW-RISE RESIDENTIAL MANDATORY MEASURES SUMMARY

11.02 AN R-12 EXTERIOR BLANKET SHALL BE PROVIDED FOR HOT WATER HEATER AND SOLAR TANKS. R-3 INSULATION SHALL BE PROVIDED FOR THE FIRST FIVE FEET OF THE WATER HEATER OUTLET PIPE. ALL WATER HEATING AND SPACE CONDITIONING EQUIPMENT, SHOWER HEADS AND FAUCETS SHALL BE C.E.C. CERTIFIED. ALL STEAM AND STEAM CONDENSATE RETURN PIPING AND ALL CONTINUOUSLY CIRCULATING DOMESTIC HEATING OR HOT WATER PIPING SHALL BE INSULATED AS REQUIRED BY THE PLUMBING DIVISION.

11.03 DUCTS SHALL BE CONSTRUCTED, INSTALLED AND INSULATED PER CHAPTER 10 OF CMC 2019. BACK DRAFT DAMPERS FOR ALL EXHAUST AND FAN SYSTEMS SHALL BE PROVIDED. MASONRY AND FACTORY BUILT FIREPLACES SHALL BE INSTALLED WITH TIGHT FITTING, CLOSEABLE METAL OR GLASS DOORS, OUTSIDE AIR INTAKE WITH DAMPER, AND FLUE DAMPER. CONTINUOUS BURNING GAS PILOTS ARE PROHIBITED.

11.04 ALL INSULATION MATERIALS SHALL BE CERTIFIED BY THE MANUFACTURER AS COMPLYING WITH THE CALIFORNIA QUALITY STANDARDS FOR INSULATING MATERIAL. DOORS AND WINDOWS BETWEEN CONDITIONED AND OUTSIDE UNCONDITIONED SPACES SUCH AS GARAGES AND COMPARTMENTS FOR CENTRAL AIR GAS FURNACES SHALL BE FULLY WEATHERSTRIPPED.

11.05 MANUFACTURED DOORS AND WINDOWS SHALL BE CERTIFIED AND LABELED IN COMPLIANCE WITH THE APPROPRIATE INFILTRATION STANDARDS. CAULK PLUMBING AND ELECTRICAL PENETRATIONS, ALL WINDOW AND DOOR FRAMES, BETWEEN WALL SOLEPLATES AND FLOORS AND ALL OTHER OPENINGS IN THE ENVELOPE. ALL EXTERIOR OPENINGS SHALL BE PROPERLY WEATHER-STRIPPED, CERTIFIED AND LABELED.

11.06 THE BUILDING DESIGN MEETS THE CURRENT REQUIREMENTS OF TITLE 24, PART 2, CHAPTER 2-53. INSULATION INSTALLER SHALL POST IN A CONSPICUOUS LOCATION IN THE BUILDING A CERTIFICATE SIGNED BY THE INSTALLER AND BUILDER STATING THAT THE INSTALLATION CONFORMS WITH THE REQUIREMENTS OF TITLE 24, CHAPTER 2-53 AND THAT THE MATERIALS INSTALLED CONFORM WITH THE REQUIREMENTS OF TITLE 20, CHAPTER 2, SUBCHAPTER 4, ARTICLE 3.

11.07 AN APPROVED SEISMIC GAS SHUTOFF VALVE WILL BE INSTALLED ON THE FUEL GAS LINE ON THE DOWN STREAM SIDE OF THE UTILITY METER AND BE RIGIDLY CONNECTED TO THE EXTERIOR OF THE BUILDING OR STRUCTURE CONTAINING THE FUEL GAS PIPING. (PER ORDINANCE 170,158) (NOT REQUIRED FOR EXISTING DWELLINGS, OR APTS.) (INCLUDES COMMERCIAL ADDITIONS AND T.I. WORK OVER $10,000) FOR PERMIT AND INFORMATION CONTACT THE PLUMBING DIVISION OF THE MECHANICAL BUREAU (213) 485-3311.

CONTRACTOR TO PROVIDE ADDITIONAL PERMITS.

ADDITIONAL NOTES

A. PLUMBING FIXTURES ARE REQUIRED TO BE CONNECTED TO A SANITARY SEWER OR TO AN APPROVED SEWAGE DISPOSAL SYSTEM (R306.3).

B. KITCHEN SINKS, LAVATORIES, BATHTUBS, SHOWERS, BIDETS, LAUNDRY TUBS AND WASHING MACHINE OUTLETS SHALL BE PROVIDED WITH HOT AND COLD WATER AND CONNECTED TO AN APPROVED WATER SUPPLY (R306.4).

C. BATHTUB AND SHOWER FLOORS, WALLS ABOVE BATHTUBS WITH A SHOWERHEAD, AND SHOWER COMPARTMENTS SHALL BE FINISHED WITH A NONABSORBENT SURFACE. SUCH WALL SURFACES SHALL EXTEND TO A HEIGHT OF NOT LESS THAN 6 FEET ABOVE THE FLOOR (R307.2).

D. WATER HEATER MUST BE STRAPPED TO WALL. REFER TO PLUMBING DRAWINGS

E. EVERY SPACE INTENDED FOR HUMAN OCCUPANCY SHALL BE PROVIDED WITH NATURAL LIGHT BY MEANS OF EXTERIOR GLAZED OPENINGS IN ACCORDANCE WITH SECTION R303.1 OR SHALL BE PROVIDED WITH ARTIFICIAL LIGHT THAT IS ADEQUATE TO PROVIDE AN AVERAGE ILLUMINATION OF 6 FOOT-CANDLES OVER THE AREA OF THE ROOM AT A HEIGHT OF 30 INCHES ABOVE THE FLOOR LEVEL (R303.1)

F. THROUGH PENETRATIONS OF FIRE-RESISTANCE-RATED WALL OR FLOOR ASSEMBLIES SHALL COMPLY WITH SECTION R302.4.1.1 OR R302.4.1.2. (R302.4.1)

G. MEMBRANE PENETRATIONS SHALL COMPLY WITH SECTION R302.4.1. WHERE WALLS ARE REQUIRED TO HAVE A FIRE RESISTANCE RATING, RECESSED FIXTURES SHALL BE INSTALLED SO THAT THE REQUIRED FIRE-RESISTANCE RATING WILL NOT BE REDUCED. (R302.4.2)

H. IN COMBUSTIBLE CONSTRUCTION, FIREBLOCKING SHALL BE PROVIDED TO CUT OFF ALL CONCEALED DRAFT OPENINGS (BOTH VERTICAL AND HORIZONTAL) AND TO FORM AN EFFECTIVE FIRE BARRIER BETWEEN STORIES, AND BETWEEN A TOP STORY AND THE ROOF SPACE. (R302.11)

I. IN COMBUSTIBLE CONSTRUCTION WHERE THERE IS USABLE SPACE BOTH ABOVE AND BELOW THE CONCEALED SPACE OF A FLOOR/CEILING ASSEMBLY, DRAFTSTOPS SHALL BE INSTALLED SO THAT THE AREA OF THE CONCEALED SPACE DOES NOT EXCEED 1,000 SQUARE FEET. DRAFTSTOPPING SHALL DIVIDE THE CONCEALED SPACE INTO APPROXIMATELY EQUAL AREAS. (R302.12)

J. ALL INTERIOR AND EXTERIOR STAIRWAYS SHALL BE PROVIDED WITH A MEANS TO ILLUMINATE THE STAIRS, INCLUDING LANDINGS AND TREADS (R303.6)

K. LOTS SHALL BE GRADED TO DRAIN SURFACE WATER AWAY FROM FOUNDATION WALLS. THE GRADE SHALL FALL A MINIMUM OF 6" WITHIN THE FIRST 10'. (R401.3).

R. DAMPPROOFING, WHERE REQUIRED, SHALL BE INSTALLED WITH MATERIALS AND AS REQUIRED IN SECTION R406.1.

REVISION / ISSUE
12/02/2021
PLAN CHECK CORRECTIONS
01/05/2022
I.I.D.
PLAN CHECK CORRECTIONS
03/31/2022
PLAN CHECK CORRECTIONS
NOT FOR CONSTRUCTION
Paz Navas
ARCHITECTURE
SHEET NAME
GENERAL NOTES
DRAWN BY:
RP
SCALE
PROJECT
SAMPLE St. ADU
PROJECT No.
C210X
ISSUE DATE
9/14/2023 10:38:29 PM
SHEET NUMBER
A1.01	THESE DRAWINGS, DESIGN CONCEPTS, AND IDEAS ARE THE PROPERTY OF THE ARCHITECT JOSE ROBERTO PAZ NAVAS, AND SHALL NOT BE USED FOR ANY PURPOSE OTHER THAN THE CONSTRUCTION OF THE SPECIFIC PROJECT INDICATED HEREON, AND SHALL NOT BE USED UNLESS PERSONALLY ENDORSED ON EACH DRAWING.
